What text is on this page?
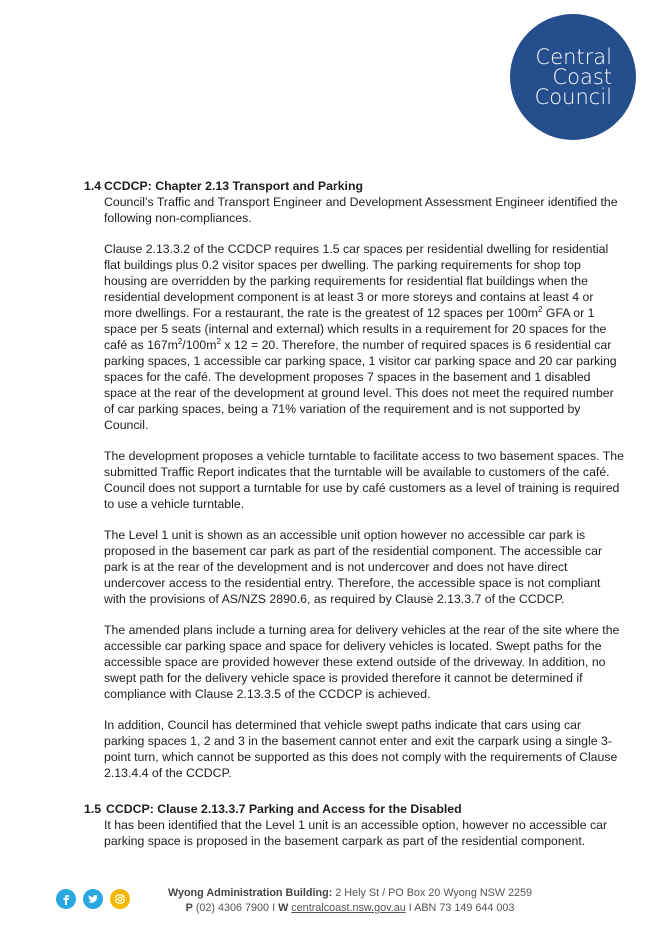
Central
Coast
Council
1.4 CCDCP: Chapter 2.13 Transport and Parking

Council’s Traffic and Transport Engineer and Development Assessment Engineer identified the following non-compliances.

Clause 2.13.3.2 of the CCDCP requires 1.5 car spaces per residential dwelling for residential flat buildings plus 0.2 visitor spaces per dwelling. The parking requirements for shop top housing are overridden by the parking requirements for residential flat buildings when the residential development component is at least 3 or more storeys and contains at least 4 or more dwellings. For a restaurant, the rate is the greatest of 12 spaces per $100m^2$ GFA or 1 space per 5 seats (internal and external) which results in a requirement for 20 spaces for the café as $167m^2/100m^2$ x 12 = 20. Therefore, the number of required spaces is 6 residential car parking spaces, 1 accessible car parking space, 1 visitor car parking space and 20 car parking spaces for the café. The development proposes 7 spaces in the basement and 1 disabled space at the rear of the development at ground level. This does not meet the required number of car parking spaces, being a 71% variation of the requirement and is not supported by Council.

The development proposes a vehicle turntable to facilitate access to two basement spaces. The submitted Traffic Report indicates that the turntable will be available to customers of the café. Council does not support a turntable for use by café customers as a level of training is required to use a vehicle turntable.

The Level 1 unit is shown as an accessible unit option however no accessible car park is proposed in the basement car park as part of the residential component. The accessible car park is at the rear of the development and is not undercover and does not have direct undercover access to the residential entry. Therefore, the accessible space is not compliant with the provisions of AS/NZS 2890.6, as required by Clause 2.13.3.7 of the CCDCP.

The amended plans include a turning area for delivery vehicles at the rear of the site where the accessible car parking space and space for delivery vehicles is located. Swept paths for the accessible space are provided however these extend outside of the driveway. In addition, no swept path for the delivery vehicle space is provided therefore it cannot be determined if compliance with Clause 2.13.3.5 of the CCDCP is achieved.

In addition, Council has determined that vehicle swept paths indicate that cars using car parking spaces 1, 2 and 3 in the basement cannot enter and exit the carpark using a single 3-point turn, which cannot be supported as this does not comply with the requirements of Clause 2.13.4.4 of the CCDCP.

1.5 CCDCP: Clause 2.13.3.7 Parking and Access for the Disabled

It has been identified that the Level 1 unit is an accessible option, however no accessible car parking space is proposed in the basement carpark as part of the residential component.

Wyong Administration Building: 2 Hely St / PO Box 20 Wyong NSW 2259
P (02) 4306 7900 I W centralcoast.nsw.gov.au I ABN 73 149 644 003
